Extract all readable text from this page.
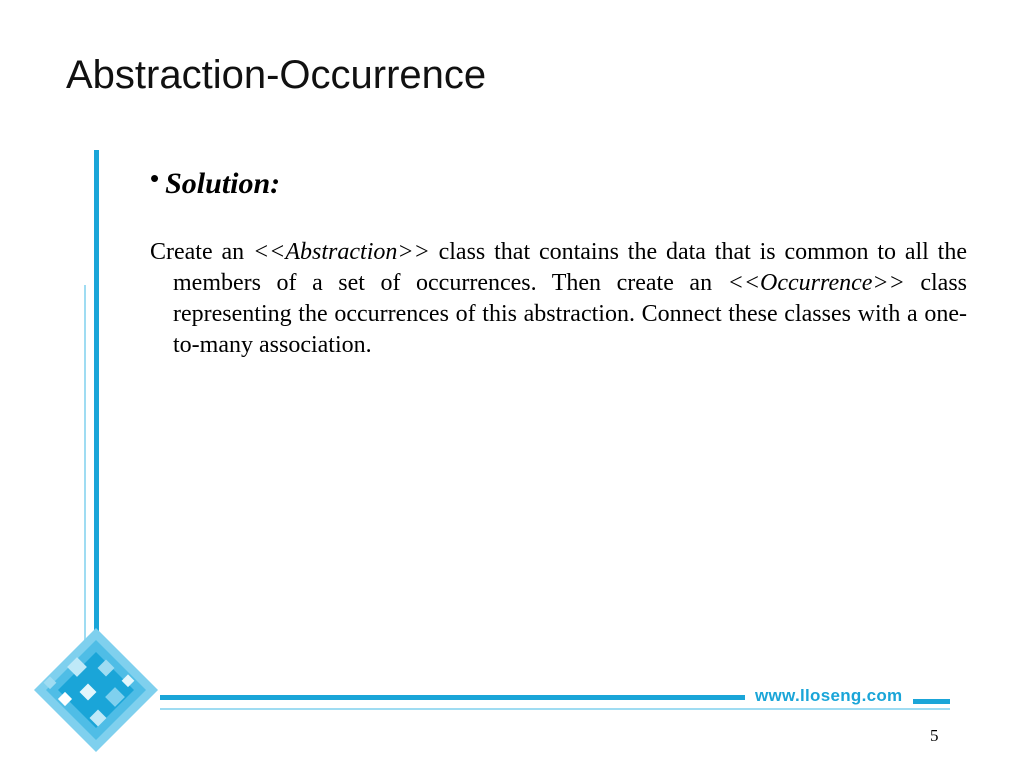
Abstraction-Occurrence
• Solution:

Create an <<Abstraction>> class that contains the data that is common to all the members of a set of occurrences. Then create an <<Occurrence>> class representing the occurrences of this abstraction. Connect these classes with a one-to-many association.

www.lloseng.com
5
